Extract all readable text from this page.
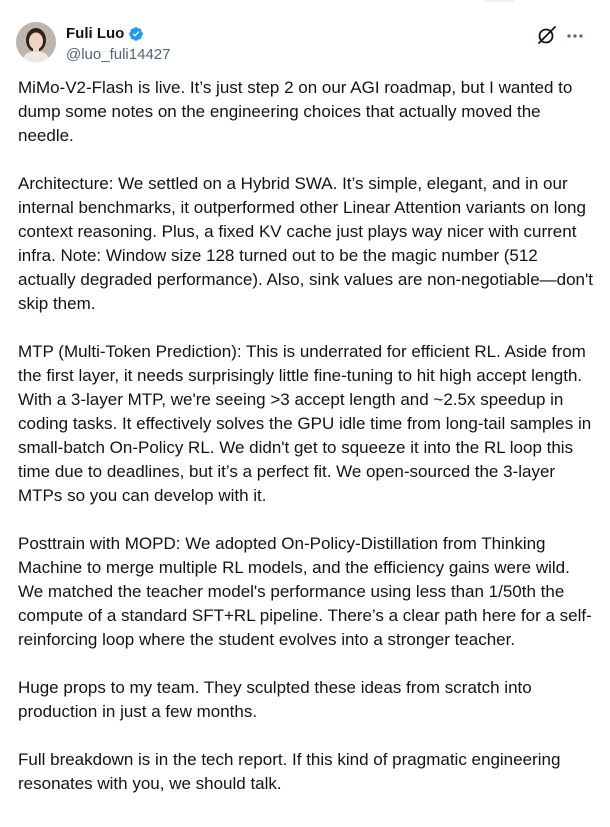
Fuli Luo
@luo_fuli14427

MiMo-V2-Flash is live. It’s just step 2 on our AGI roadmap, but I wanted to dump some notes on the engineering choices that actually moved the needle.

Architecture: We settled on a Hybrid SWA. It’s simple, elegant, and in our internal benchmarks, it outperformed other Linear Attention variants on long context reasoning. Plus, a fixed KV cache just plays way nicer with current infra. Note: Window size 128 turned out to be the magic number (512 actually degraded performance). Also, sink values are non-negotiable—don't skip them.

MTP (Multi-Token Prediction): This is underrated for efficient RL. Aside from the first layer, it needs surprisingly little fine-tuning to hit high accept length. With a 3-layer MTP, we're seeing >3 accept length and ~2.5x speedup in coding tasks. It effectively solves the GPU idle time from long-tail samples in small-batch On-Policy RL. We didn't get to squeeze it into the RL loop this time due to deadlines, but it’s a perfect fit. We open-sourced the 3-layer MTPs so you can develop with it.

Posttrain with MOPD: We adopted On-Policy-Distillation from Thinking Machine to merge multiple RL models, and the efficiency gains were wild. We matched the teacher model's performance using less than 1/50th the compute of a standard SFT+RL pipeline. There’s a clear path here for a self-reinforcing loop where the student evolves into a stronger teacher.

Huge props to my team. They sculpted these ideas from scratch into production in just a few months.

Full breakdown is in the tech report. If this kind of pragmatic engineering resonates with you, we should talk.
